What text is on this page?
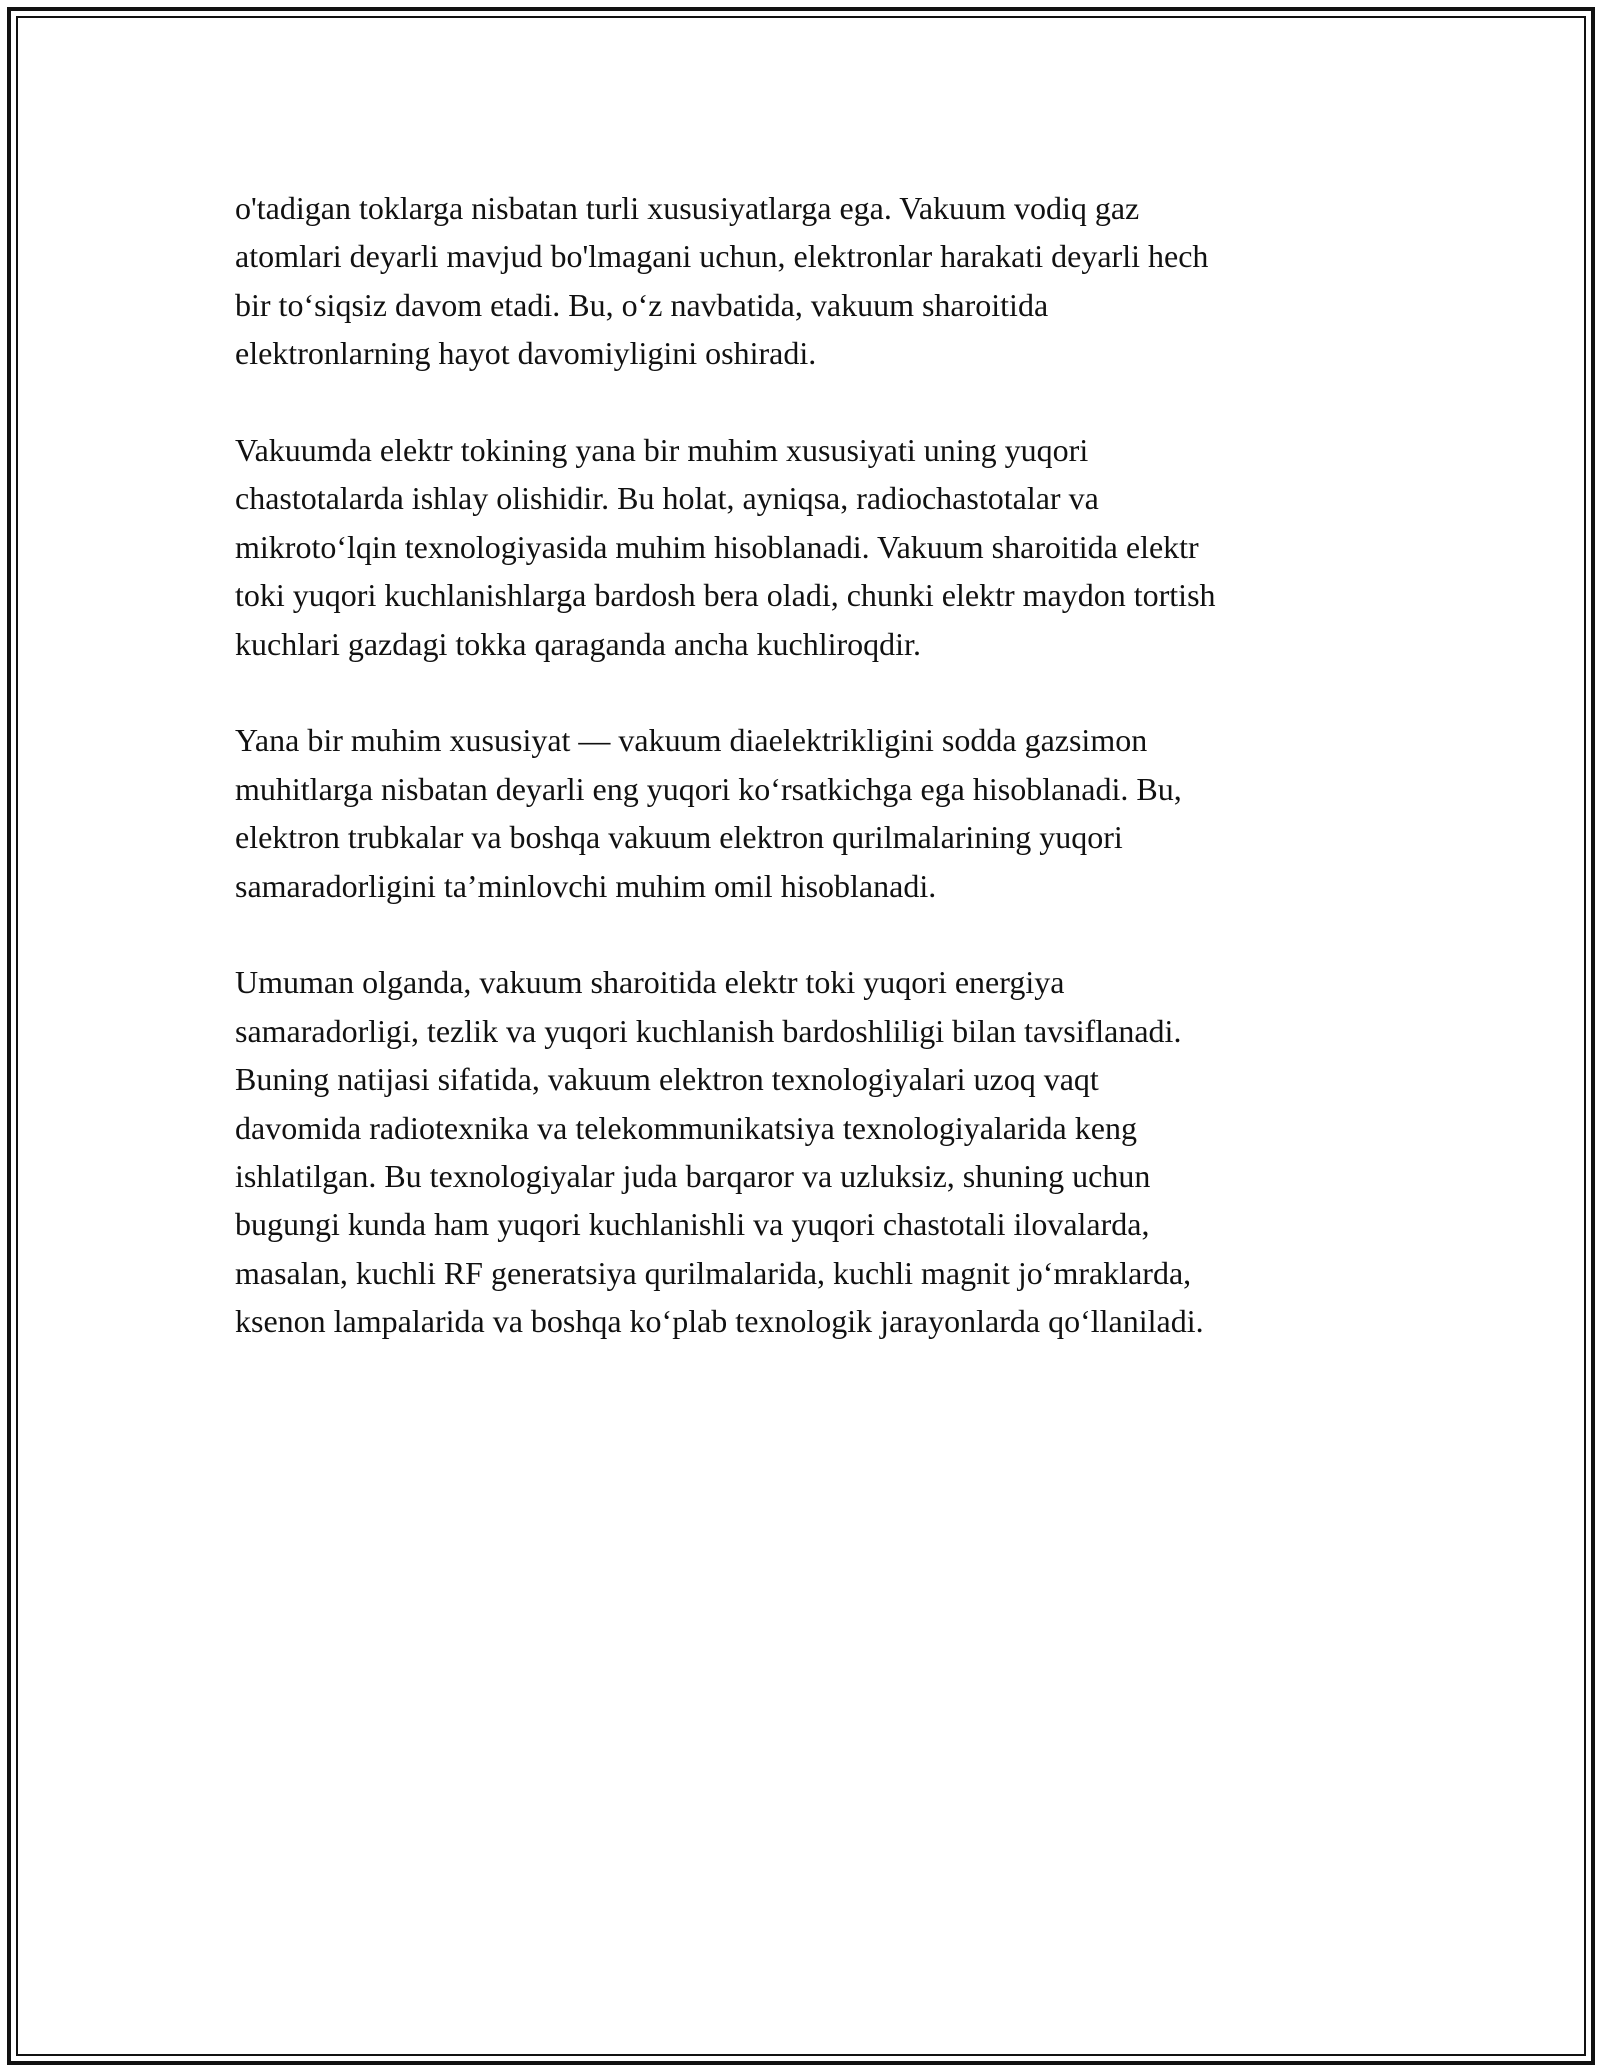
o'tadigan toklarga nisbatan turli xususiyatlarga ega. Vakuum vodiq gaz
atomlari deyarli mavjud bo'lmagani uchun, elektronlar harakati deyarli hech
bir to‘siqsiz davom etadi. Bu, o‘z navbatida, vakuum sharoitida
elektronlarning hayot davomiyligini oshiradi.

Vakuumda elektr tokining yana bir muhim xususiyati uning yuqori
chastotalarda ishlay olishidir. Bu holat, ayniqsa, radiochastotalar va
mikroto‘lqin texnologiyasida muhim hisoblanadi. Vakuum sharoitida elektr
toki yuqori kuchlanishlarga bardosh bera oladi, chunki elektr maydon tortish
kuchlari gazdagi tokka qaraganda ancha kuchliroqdir.

Yana bir muhim xususiyat — vakuum diaelektrikligini sodda gazsimon
muhitlarga nisbatan deyarli eng yuqori ko‘rsatkichga ega hisoblanadi. Bu,
elektron trubkalar va boshqa vakuum elektron qurilmalarining yuqori
samaradorligini ta’minlovchi muhim omil hisoblanadi.

Umuman olganda, vakuum sharoitida elektr toki yuqori energiya
samaradorligi, tezlik va yuqori kuchlanish bardoshliligi bilan tavsiflanadi.
Buning natijasi sifatida, vakuum elektron texnologiyalari uzoq vaqt
davomida radiotexnika va telekommunikatsiya texnologiyalarida keng
ishlatilgan. Bu texnologiyalar juda barqaror va uzluksiz, shuning uchun
bugungi kunda ham yuqori kuchlanishli va yuqori chastotali ilovalarda,
masalan, kuchli RF generatsiya qurilmalarida, kuchli magnit jo‘mraklarda,
ksenon lampalarida va boshqa ko‘plab texnologik jarayonlarda qo‘llaniladi.
